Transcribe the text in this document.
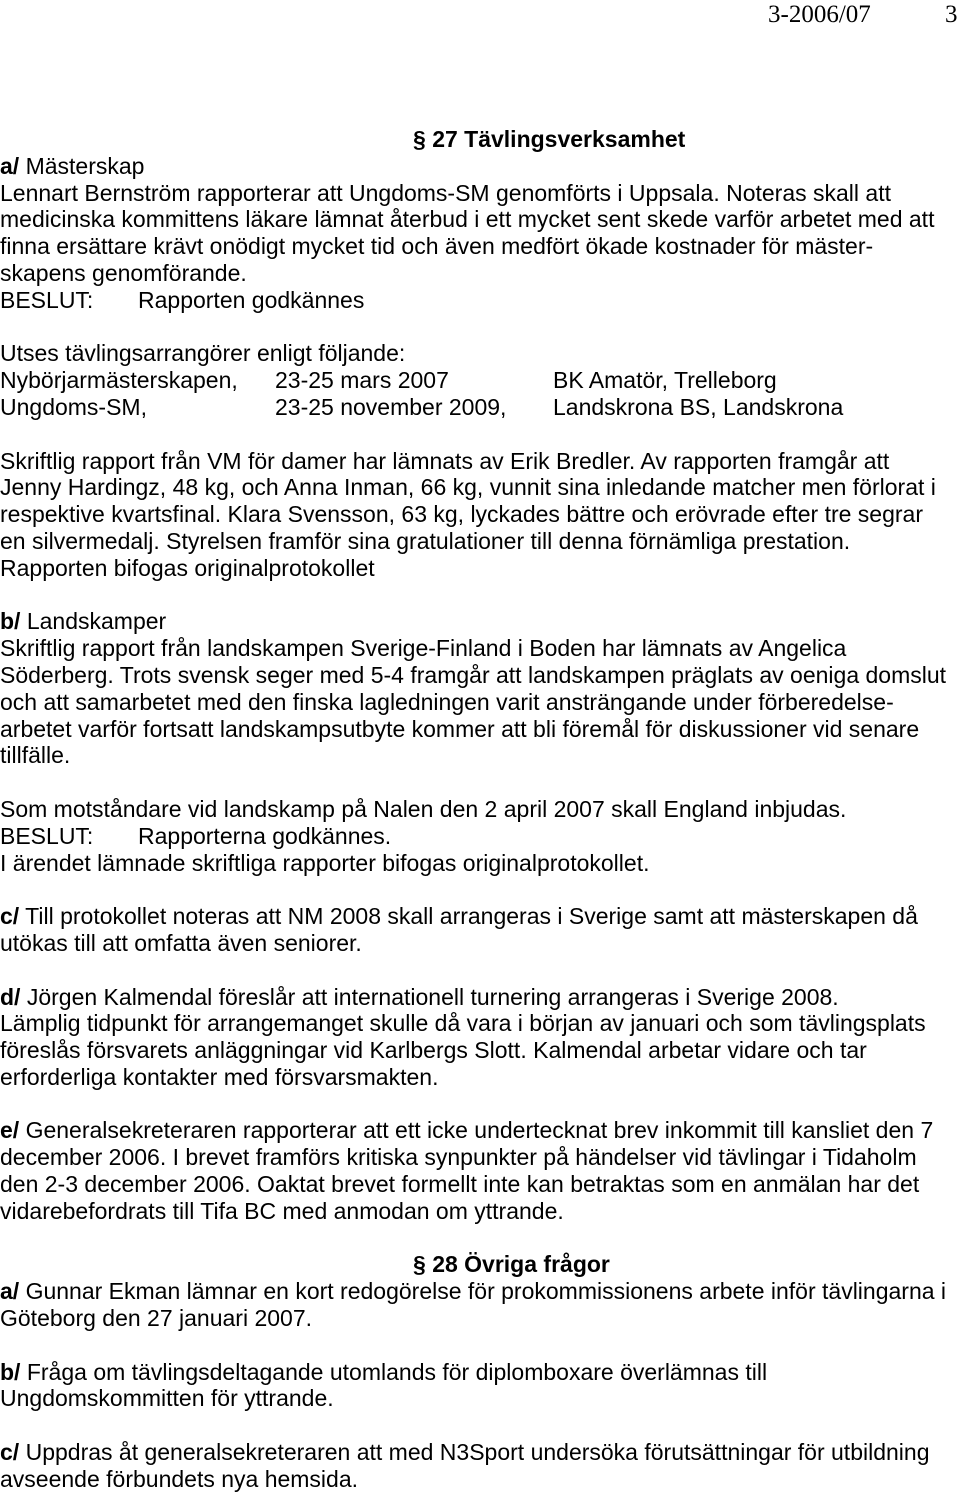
3-2006/07	3
§ 27 Tävlingsverksamhet
a/ Mästerskap
Lennart Bernström rapporterar att Ungdoms-SM genomförts i Uppsala. Noteras skall att
medicinska kommittens läkare lämnat återbud i ett mycket sent skede varför arbetet med att
finna ersättare krävt onödigt mycket tid och även medfört ökade kostnader för mäster-
skapens genomförande.
BESLUT: Rapporten godkännes
Utses tävlingsarrangörer enligt följande:
Nybörjarmästerskapen, 23-25 mars 2007	BK Amatör, Trelleborg
Ungdoms-SM,	23-25 november 2009, Landskrona BS, Landskrona
Skriftlig rapport från VM för damer har lämnats av Erik Bredler. Av rapporten framgår att
Jenny Hardingz, 48 kg, och Anna Inman, 66 kg, vunnit sina inledande matcher men förlorat i
respektive kvartsfinal. Klara Svensson, 63 kg, lyckades bättre och erövrade efter tre segrar
en silvermedalj. Styrelsen framför sina gratulationer till denna förnämliga prestation.
Rapporten bifogas originalprotokollet
b/ Landskamper
Skriftlig rapport från landskampen Sverige-Finland i Boden har lämnats av Angelica
Söderberg. Trots svensk seger med 5-4 framgår att landskampen präglats av oeniga domslut
och att samarbetet med den finska lagledningen varit ansträngande under förberedelse-
arbetet varför fortsatt landskampsutbyte kommer att bli föremål för diskussioner vid senare
tillfälle.
Som motståndare vid landskamp på Nalen den 2 april 2007 skall England inbjudas.
BESLUT: Rapporterna godkännes.
I ärendet lämnade skriftliga rapporter bifogas originalprotokollet.
c/ Till protokollet noteras att NM 2008 skall arrangeras i Sverige samt att mästerskapen då
utökas till att omfatta även seniorer.
d/ Jörgen Kalmendal föreslår att internationell turnering arrangeras i Sverige 2008.
Lämplig tidpunkt för arrangemanget skulle då vara i början av januari och som tävlingsplats
föreslås försvarets anläggningar vid Karlbergs Slott. Kalmendal arbetar vidare och tar
erforderliga kontakter med försvarsmakten.
e/ Generalsekreteraren rapporterar att ett icke undertecknat brev inkommit till kansliet den 7
december 2006. I brevet framförs kritiska synpunkter på händelser vid tävlingar i Tidaholm
den 2-3 december 2006. Oaktat brevet formellt inte kan betraktas som en anmälan har det
vidarebefordrats till Tifa BC med anmodan om yttrande.
§ 28 Övriga frågor
a/ Gunnar Ekman lämnar en kort redogörelse för prokommissionens arbete inför tävlingarna i
Göteborg den 27 januari 2007.
b/ Fråga om tävlingsdeltagande utomlands för diplomboxare överlämnas till
Ungdomskommitten för yttrande.
c/ Uppdras åt generalsekreteraren att med N3Sport undersöka förutsättningar för utbildning
avseende förbundets nya hemsida.
